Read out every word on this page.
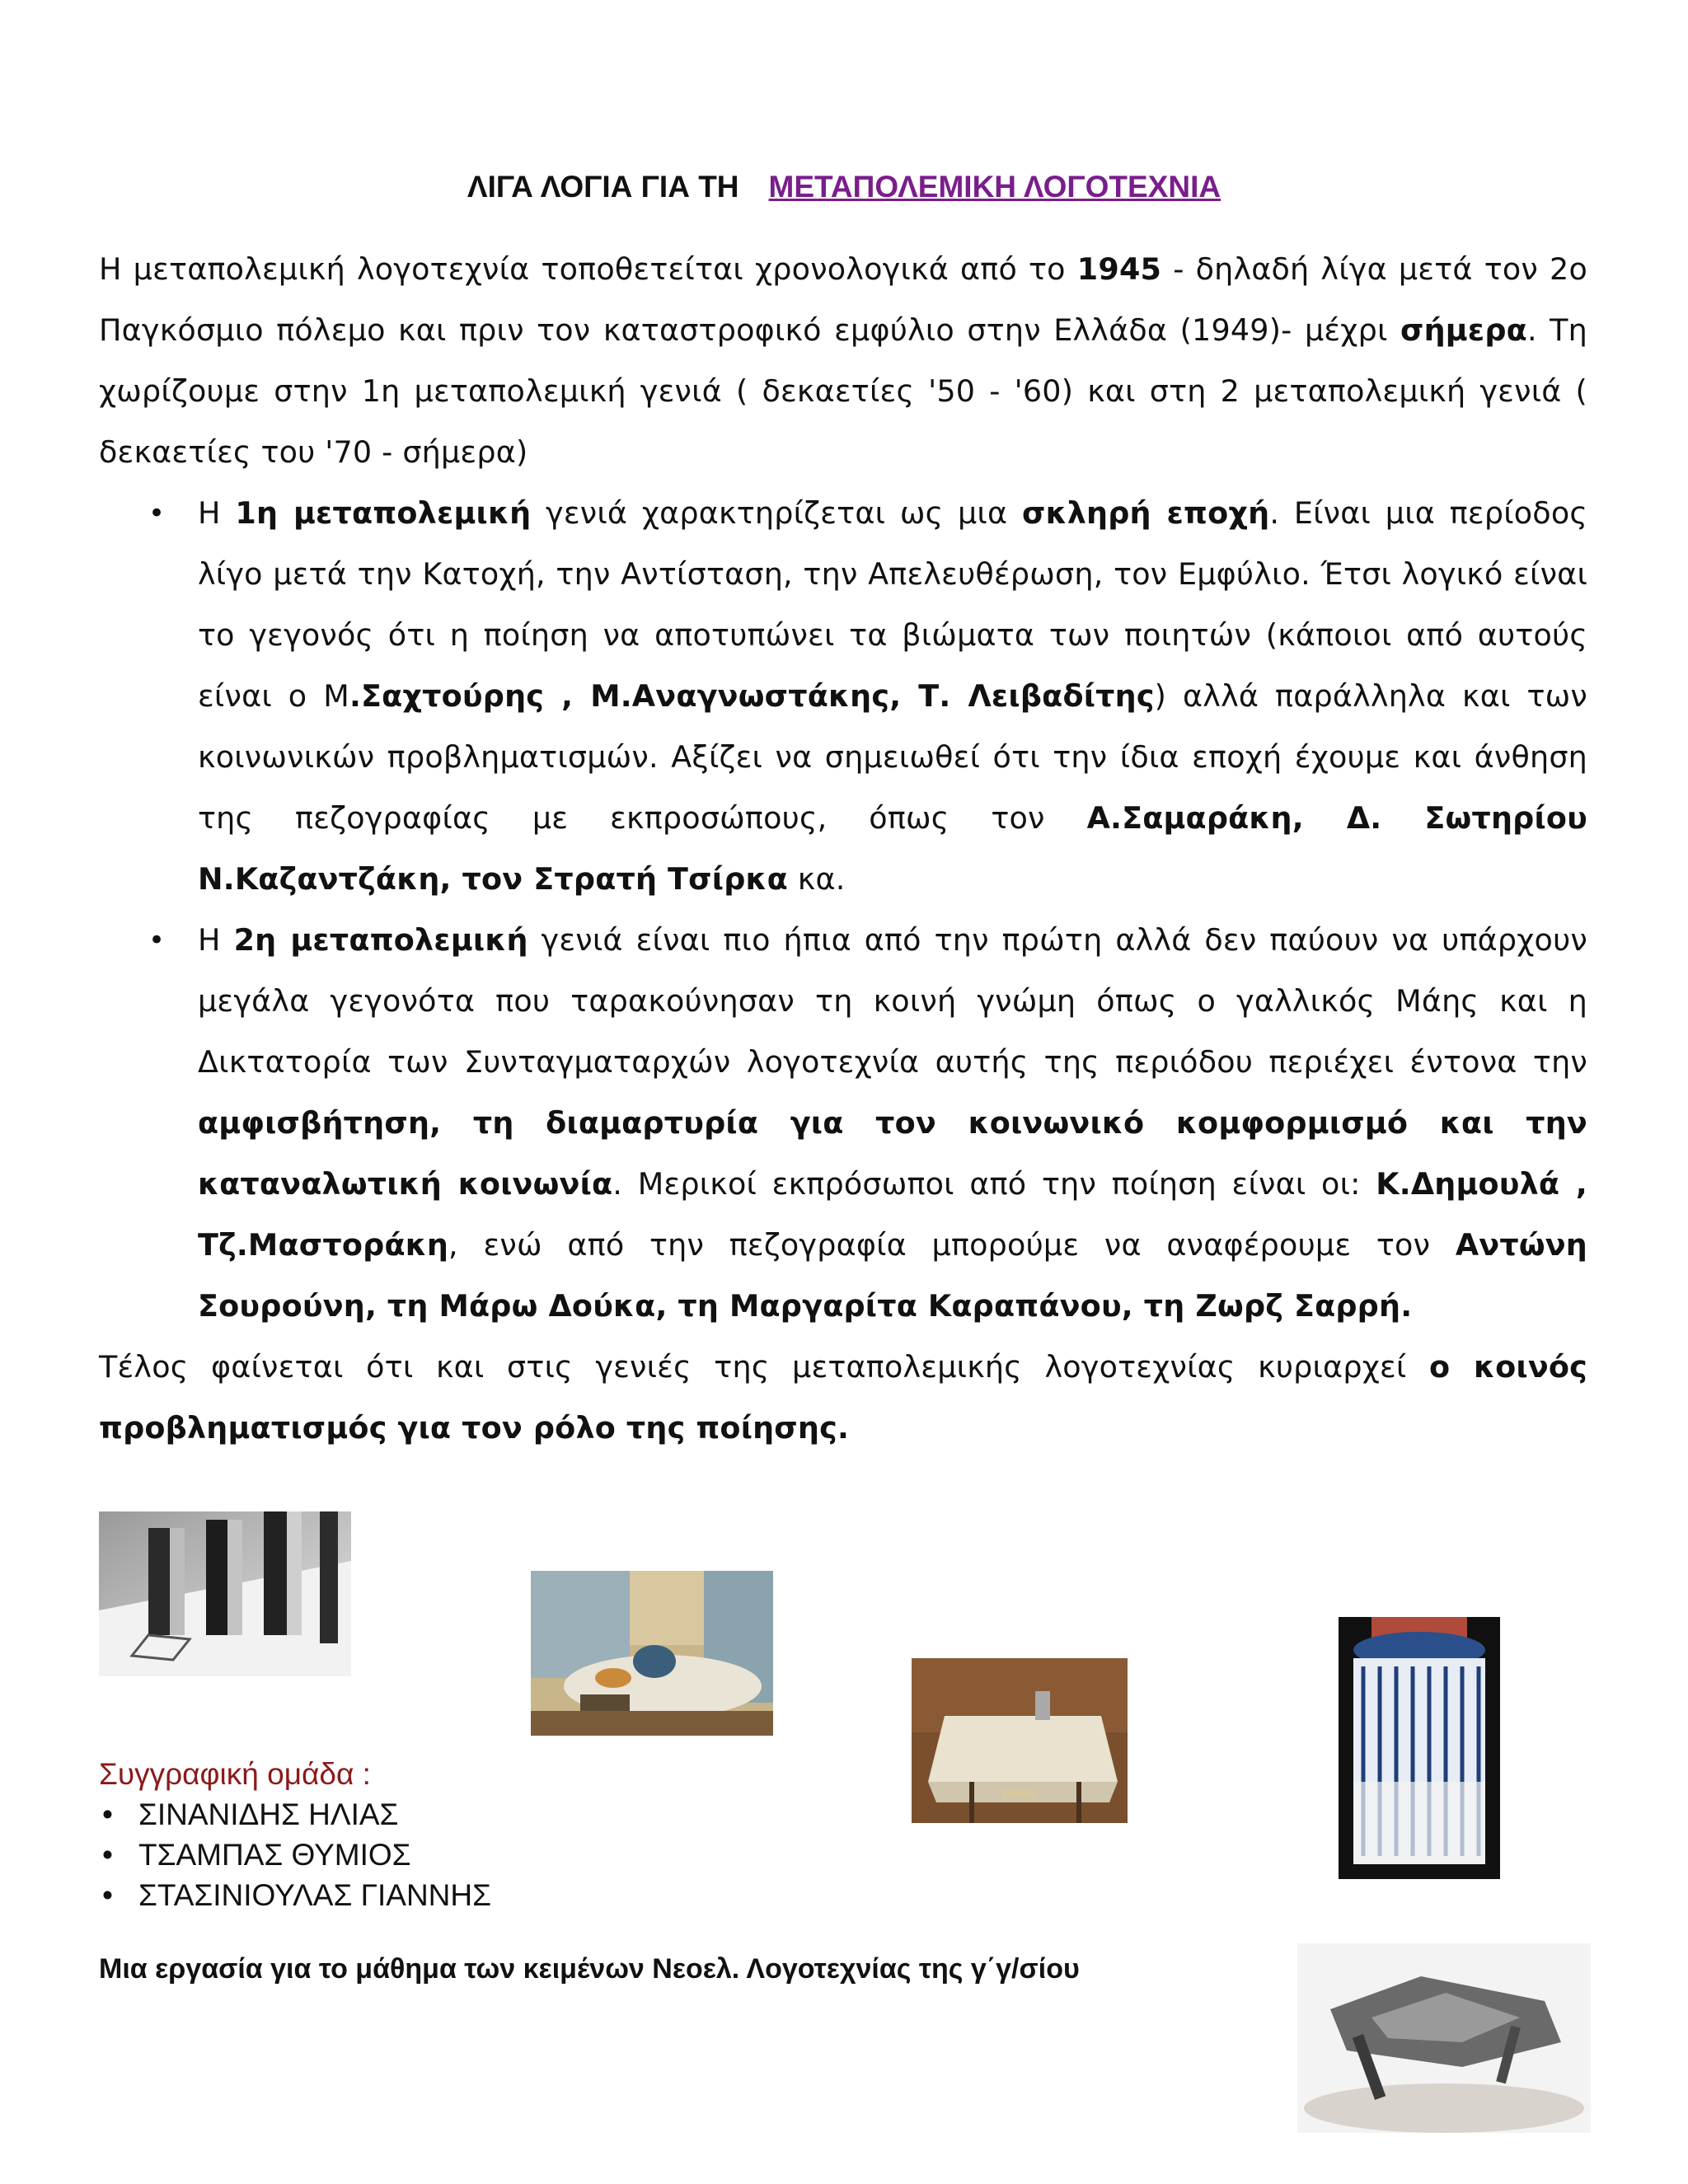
ΛΙΓΑ ΛΟΓΙΑ ΓΙΑ ΤΗ ΜΕΤΑΠΟΛΕΜΙΚΗ ΛΟΓΟΤΕΧΝΙΑ

Η μεταπολεμική λογοτεχνία τοποθετείται χρονολογικά από το 1945 - δηλαδή λίγα μετά τον 2ο Παγκόσμιο πόλεμο και πριν τον καταστροφικό εμφύλιο στην Ελλάδα (1949)- μέχρι σήμερα. Τη χωρίζουμε στην 1η μεταπολεμική γενιά ( δεκαετίες '50 - '60) και στη 2 μεταπολεμική γενιά ( δεκαετίες του '70 - σήμερα)

• Η 1η μεταπολεμική γενιά χαρακτηρίζεται ως μια σκληρή εποχή. Είναι μια περίοδος λίγο μετά την Κατοχή, την Αντίσταση, την Απελευθέρωση, τον Εμφύλιο. Έτσι λογικό είναι το γεγονός ότι η ποίηση να αποτυπώνει τα βιώματα των ποιητών (κάποιοι από αυτούς είναι ο Μ.Σαχτούρης , Μ.Αναγνωστάκης, Τ. Λειβαδίτης) αλλά παράλληλα και των κοινωνικών προβληματισμών. Αξίζει να σημειωθεί ότι την ίδια εποχή έχουμε και άνθηση της πεζογραφίας με εκπροσώπους, όπως τον Α.Σαμαράκη, Δ. Σωτηρίου Ν.Καζαντζάκη, τον Στρατή Τσίρκα κα.
• Η 2η μεταπολεμική γενιά είναι πιο ήπια από την πρώτη αλλά δεν παύουν να υπάρχουν μεγάλα γεγονότα που ταρακούνησαν τη κοινή γνώμη όπως ο γαλλικός Μάης και η Δικτατορία των Συνταγματαρχών λογοτεχνία αυτής της περιόδου περιέχει έντονα την αμφισβήτηση, τη διαμαρτυρία για τον κοινωνικό κομφορμισμό και την καταναλωτική κοινωνία. Μερικοί εκπρόσωποι από την ποίηση είναι οι: Κ.Δημουλά , Τζ.Μαστοράκη, ενώ από την πεζογραφία μπορούμε να αναφέρουμε τον Αντώνη Σουρούνη, τη Μάρω Δούκα, τη Μαργαρίτα Καραπάνου, τη Ζωρζ Σαρρή.

Τέλος φαίνεται ότι και στις γενιές της μεταπολεμικής λογοτεχνίας κυριαρχεί ο κοινός προβληματισμός για τον ρόλο της ποίησης.

Συγγραφική ομάδα :
• ΣΙΝΑΝΙΔΗΣ ΗΛΙΑΣ
• ΤΣΑΜΠΑΣ ΘΥΜΙΟΣ
• ΣΤΑΣΙΝΙΟΥΛΑΣ ΓΙΑΝΝΗΣ
Μια εργασία για το μάθημα των κειμένων Νεοελ. Λογοτεχνίας της γ΄γ/σίου
